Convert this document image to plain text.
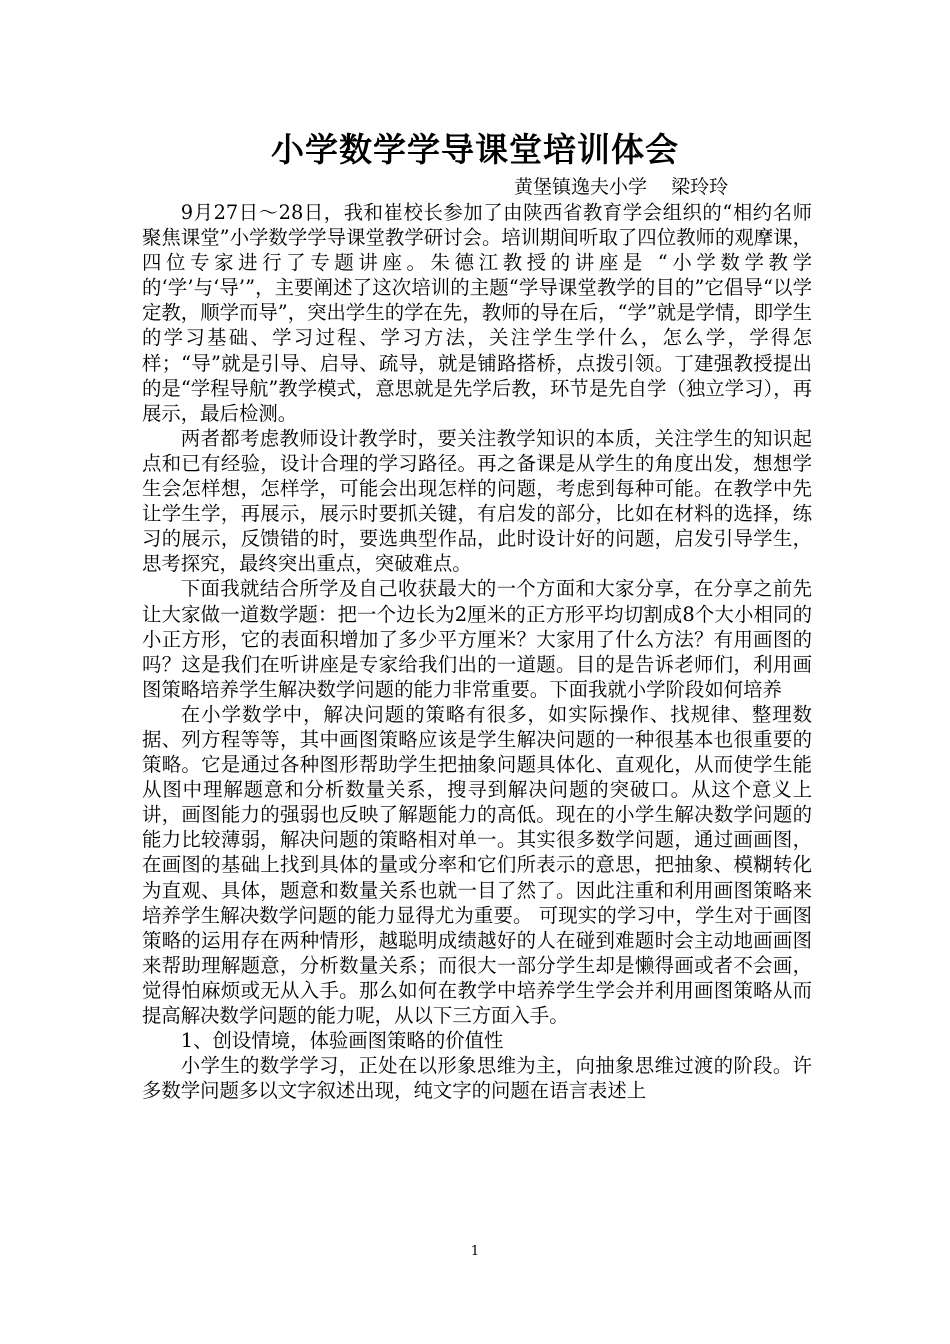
小学数学学导课堂培训体会
黄堡镇逸夫小学    梁玲玲

9月27日～28日，我和崔校长参加了由陕西省教育学会组织的“相约名师 聚焦课堂”小学数学学导课堂教学研讨会。培训期间听取了四位教师的观摩课，四位专家进行了专题讲座。朱德江教授的讲座是 “小学数学教学的‘学’与‘导’”，主要阐述了这次培训的主题“学导课堂教学的目的”它倡导“以学定教，顺学而导”，突出学生的学在先，教师的导在后，“学”就是学情，即学生的学习基础、学习过程、学习方法，关注学生学什么，怎么学，学得怎样；“导”就是引导、启导、疏导，就是铺路搭桥，点拨引领。丁建强教授提出的是“学程导航”教学模式，意思就是先学后教，环节是先自学（独立学习），再展示，最后检测。

两者都考虑教师设计教学时，要关注教学知识的本质，关注学生的知识起点和已有经验，设计合理的学习路径。再之备课是从学生的角度出发，想想学生会怎样想，怎样学，可能会出现怎样的问题，考虑到每种可能。在教学中先让学生学，再展示，展示时要抓关键，有启发的部分，比如在材料的选择，练习的展示，反馈错的时，要选典型作品，此时设计好的问题，启发引导学生，思考探究，最终突出重点，突破难点。

下面我就结合所学及自己收获最大的一个方面和大家分享，在分享之前先让大家做一道数学题：把一个边长为2厘米的正方形平均切割成8个大小相同的小正方形，它的表面积增加了多少平方厘米？大家用了什么方法？有用画图的吗？这是我们在听讲座是专家给我们出的一道题。目的是告诉老师们，利用画图策略培养学生解决数学问题的能力非常重要。下面我就小学阶段如何培养

在小学数学中，解决问题的策略有很多，如实际操作、找规律、整理数据、列方程等等，其中画图策略应该是学生解决问题的一种很基本也很重要的策略。它是通过各种图形帮助学生把抽象问题具体化、直观化，从而使学生能从图中理解题意和分析数量关系，搜寻到解决问题的突破口。从这个意义上讲，画图能力的强弱也反映了解题能力的高低。现在的小学生解决数学问题的能力比较薄弱，解决问题的策略相对单一。其实很多数学问题，通过画画图，在画图的基础上找到具体的量或分率和它们所表示的意思，把抽象、模糊转化为直观、具体，题意和数量关系也就一目了然了。因此注重和利用画图策略来培养学生解决数学问题的能力显得尤为重要。 可现实的学习中，学生对于画图策略的运用存在两种情形，越聪明成绩越好的人在碰到难题时会主动地画画图来帮助理解题意，分析数量关系；而很大一部分学生却是懒得画或者不会画，觉得怕麻烦或无从入手。那么如何在教学中培养学生学会并利用画图策略从而提高解决数学问题的能力呢，从以下三方面入手。

1、创设情境，体验画图策略的价值性

小学生的数学学习，正处在以形象思维为主，向抽象思维过渡的阶段。许多数学问题多以文字叙述出现，纯文字的问题在语言表述上

1
